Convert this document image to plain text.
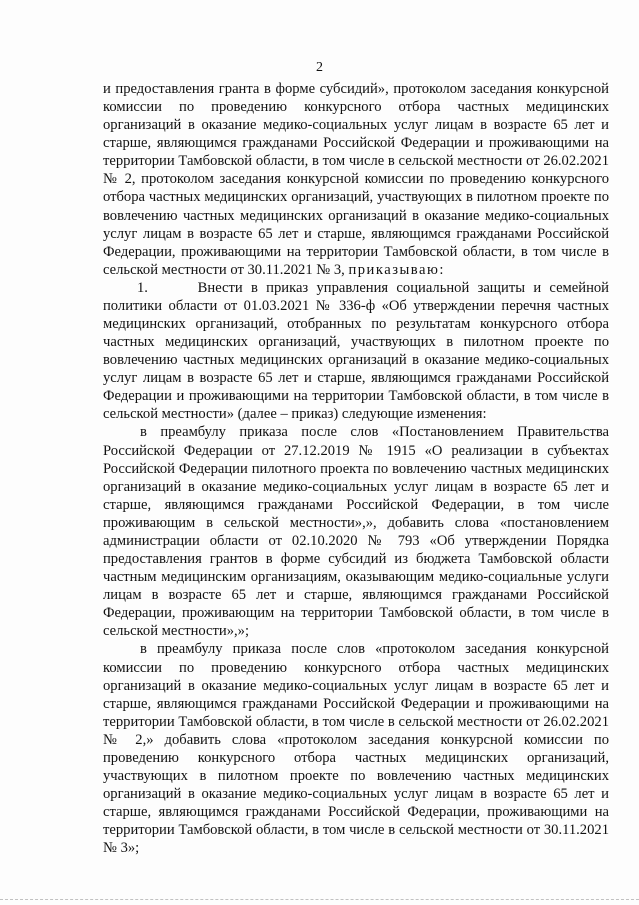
2

и предоставления гранта в форме субсидий», протоколом заседания конкурсной комиссии по проведению конкурсного отбора частных медицинских организаций в оказание медико-социальных услуг лицам в возрасте 65 лет и старше, являющимся гражданами Российской Федерации и проживающими на территории Тамбовской области, в том числе в сельской местности от 26.02.2021 № 2, протоколом заседания конкурсной комиссии по проведению конкурсного отбора частных медицинских организаций, участвующих в пилотном проекте по вовлечению частных медицинских организаций в оказание медико-социальных услуг лицам в возрасте 65 лет и старше, являющимся гражданами Российской Федерации, проживающими на территории Тамбовской области, в том числе в сельской местности от 30.11.2021 № 3, приказываю:

1.      Внести в приказ управления социальной защиты и семейной политики области от 01.03.2021 № 336-ф «Об утверждении перечня частных медицинских организаций, отобранных по результатам конкурсного отбора частных медицинских организаций, участвующих в пилотном проекте по вовлечению частных медицинских организаций в оказание медико-социальных услуг лицам в возрасте 65 лет и старше, являющимся гражданами Российской Федерации и проживающими на территории Тамбовской области, в том числе в сельской местности» (далее – приказ) следующие изменения:

в преамбулу приказа после слов «Постановлением Правительства Российской Федерации от 27.12.2019 № 1915 «О реализации в субъектах Российской Федерации пилотного проекта по вовлечению частных медицинских организаций в оказание медико-социальных услуг лицам в возрасте 65 лет и старше, являющимся гражданами Российской Федерации, в том числе проживающим в сельской местности»,», добавить слова «постановлением администрации области от 02.10.2020 № 793 «Об утверждении Порядка предоставления грантов в форме субсидий из бюджета Тамбовской области частным медицинским организациям, оказывающим медико-социальные услуги лицам в возрасте 65 лет и старше, являющимся гражданами Российской Федерации, проживающим на территории Тамбовской области, в том числе в сельской местности»,»;

в преамбулу приказа после слов «протоколом заседания конкурсной комиссии по проведению конкурсного отбора частных медицинских организаций в оказание медико-социальных услуг лицам в возрасте 65 лет и старше, являющимся гражданами Российской Федерации и проживающими на территории Тамбовской области, в том числе в сельской местности от 26.02.2021 № 2,» добавить слова «протоколом заседания конкурсной комиссии по проведению конкурсного отбора частных медицинских организаций, участвующих в пилотном проекте по вовлечению частных медицинских организаций в оказание медико-социальных услуг лицам в возрасте 65 лет и старше, являющимся гражданами Российской Федерации, проживающими на территории Тамбовской области, в том числе в сельской местности от 30.11.2021 № 3»;
